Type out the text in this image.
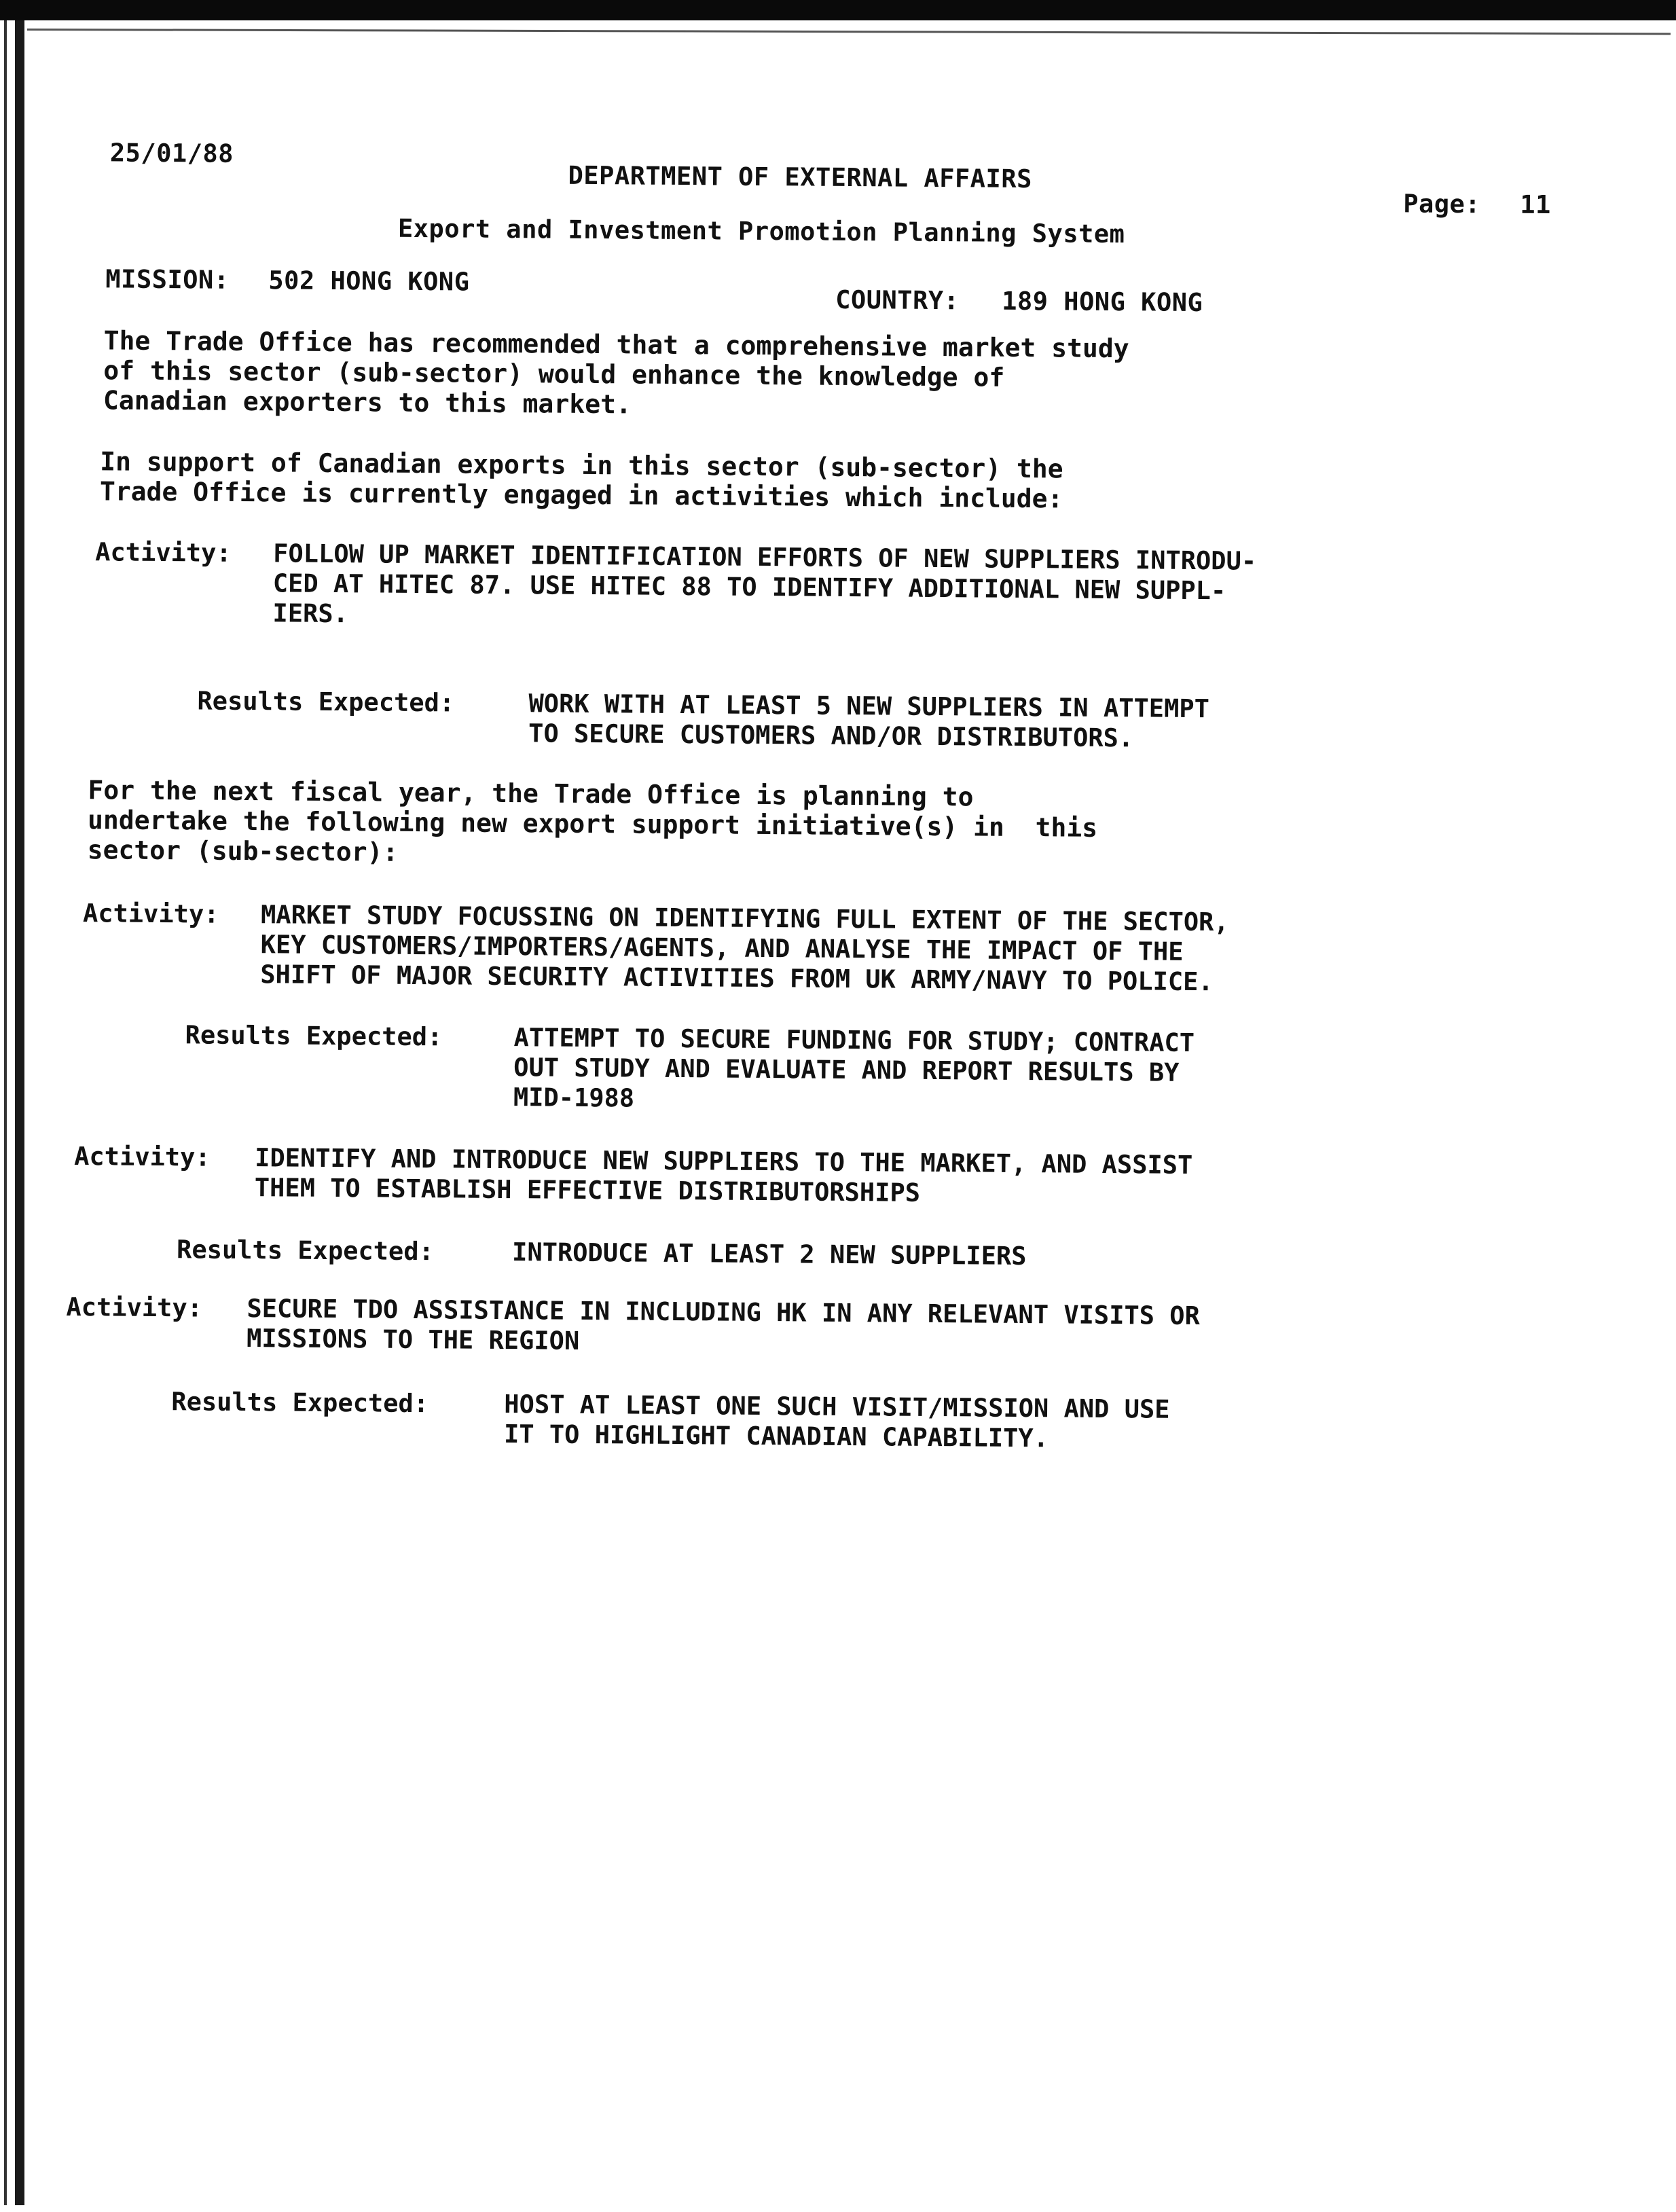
25/01/88
DEPARTMENT OF EXTERNAL AFFAIRS
Page: 11
Export and Investment Promotion Planning System
MISSION: 502 HONG KONG
COUNTRY: 189 HONG KONG
The Trade Office has recommended that a comprehensive market study
of this sector (sub-sector) would enhance the knowledge of
Canadian exporters to this market.
In support of Canadian exports in this sector (sub-sector) the
Trade Office is currently engaged in activities which include:
Activity: FOLLOW UP MARKET IDENTIFICATION EFFORTS OF NEW SUPPLIERS INTRODU-
CED AT HITEC 87. USE HITEC 88 TO IDENTIFY ADDITIONAL NEW SUPPL-
IERS.
Results Expected:	WORK WITH AT LEAST 5 NEW SUPPLIERS IN ATTEMPT
TO SECURE CUSTOMERS AND/OR DISTRIBUTORS.
For the next fiscal year, the Trade Office is planning to
undertake the following new export support initiative(s) in  this
sector (sub-sector):
Activity: MARKET STUDY FOCUSSING ON IDENTIFYING FULL EXTENT OF THE SECTOR,
KEY CUSTOMERS/IMPORTERS/AGENTS, AND ANALYSE THE IMPACT OF THE
SHIFT OF MAJOR SECURITY ACTIVITIES FROM UK ARMY/NAVY TO POLICE.
Results Expected:	ATTEMPT TO SECURE FUNDING FOR STUDY; CONTRACT
OUT STUDY AND EVALUATE AND REPORT RESULTS BY
MID-1988
Activity: IDENTIFY AND INTRODUCE NEW SUPPLIERS TO THE MARKET, AND ASSIST
THEM TO ESTABLISH EFFECTIVE DISTRIBUTORSHIPS
Results Expected:	INTRODUCE AT LEAST 2 NEW SUPPLIERS
Activity: SECURE TDO ASSISTANCE IN INCLUDING HK IN ANY RELEVANT VISITS OR
MISSIONS TO THE REGION
Results Expected:	HOST AT LEAST ONE SUCH VISIT/MISSION AND USE
IT TO HIGHLIGHT CANADIAN CAPABILITY.
